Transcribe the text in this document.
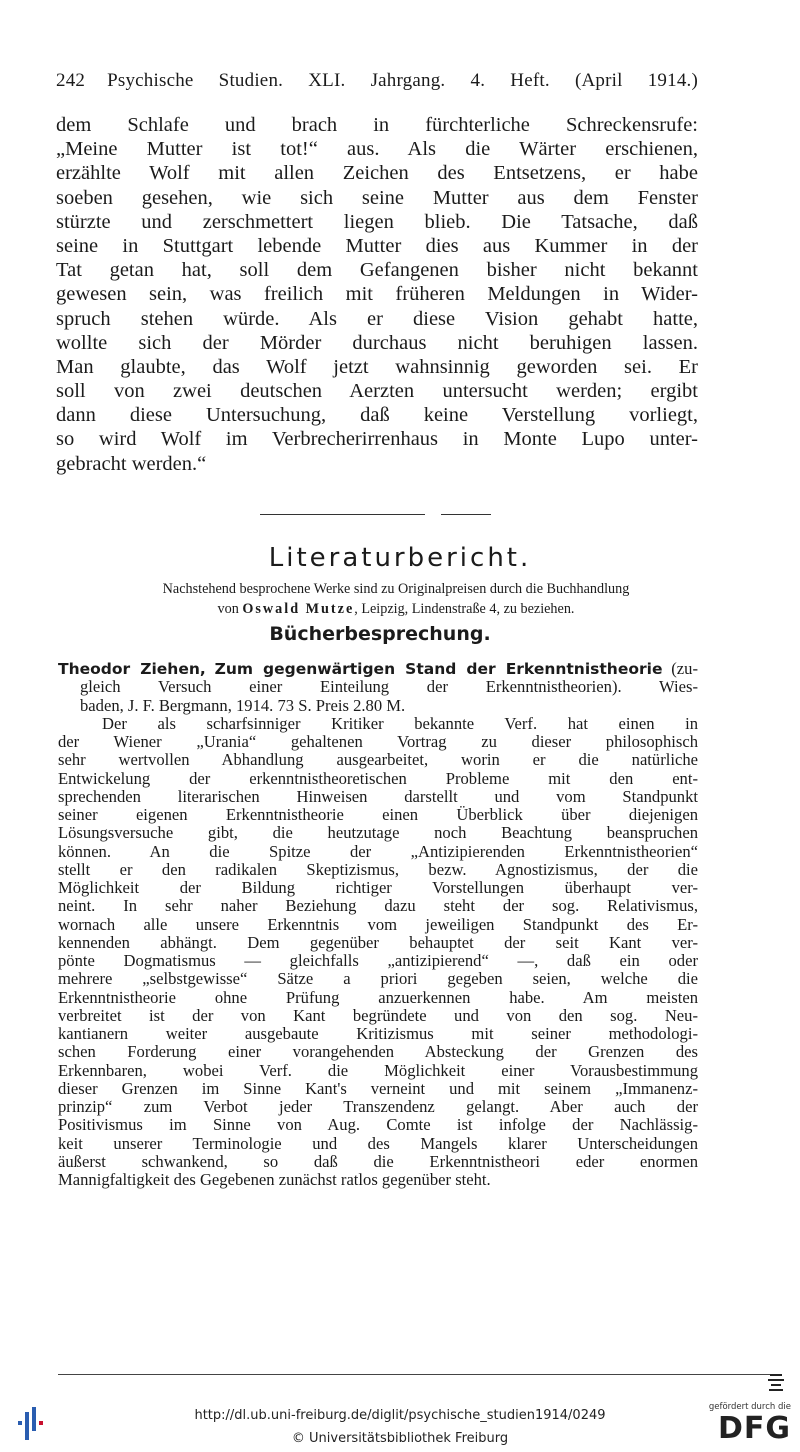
242 Psychische Studien. XLI. Jahrgang. 4. Heft. (April 1914.)
dem Schlafe und brach in fürchterliche Schreckensrufe:
„Meine Mutter ist tot!“ aus. Als die Wärter erschienen,
erzählte Wolf mit allen Zeichen des Entsetzens, er habe
soeben gesehen, wie sich seine Mutter aus dem Fenster
stürzte und zerschmettert liegen blieb. Die Tatsache, daß
seine in Stuttgart lebende Mutter dies aus Kummer in der
Tat getan hat, soll dem Gefangenen bisher nicht bekannt
gewesen sein, was freilich mit früheren Meldungen in Wider-
spruch stehen würde. Als er diese Vision gehabt hatte,
wollte sich der Mörder durchaus nicht beruhigen lassen.
Man glaubte, das Wolf jetzt wahnsinnig geworden sei. Er
soll von zwei deutschen Aerzten untersucht werden; ergibt
dann diese Untersuchung, daß keine Verstellung vorliegt,
so wird Wolf im Verbrecherirrenhaus in Monte Lupo unter-
gebracht werden.“
Literaturbericht.
Nachstehend besprochene Werke sind zu Originalpreisen durch die Buchhandlung
von Oswald Mutze, Leipzig, Lindenstraße 4, zu beziehen.
Bücherbesprechung.
Theodor Ziehen, Zum gegenwärtigen Stand der Erkenntnistheorie (zu-
gleich Versuch einer Einteilung der Erkenntnistheorien). Wies-
baden, J. F. Bergmann, 1914. 73 S. Preis 2.80 M.
Der als scharfsinniger Kritiker bekannte Verf. hat einen in
der Wiener „Urania“ gehaltenen Vortrag zu dieser philosophisch
sehr wertvollen Abhandlung ausgearbeitet, worin er die natürliche
Entwickelung der erkenntnistheoretischen Probleme mit den ent-
sprechenden literarischen Hinweisen darstellt und vom Standpunkt
seiner eigenen Erkenntnistheorie einen Überblick über diejenigen
Lösungsversuche gibt, die heutzutage noch Beachtung beanspruchen
können. An die Spitze der „Antizipierenden Erkenntnistheorien“
stellt er den radikalen Skeptizismus, bezw. Agnostizismus, der die
Möglichkeit der Bildung richtiger Vorstellungen überhaupt ver-
neint. In sehr naher Beziehung dazu steht der sog. Relativismus,
wornach alle unsere Erkenntnis vom jeweiligen Standpunkt des Er-
kennenden abhängt. Dem gegenüber behauptet der seit Kant ver-
pönte Dogmatismus — gleichfalls „antizipierend“ —, daß ein oder
mehrere „selbstgewisse“ Sätze a priori gegeben seien, welche die
Erkenntnistheorie ohne Prüfung anzuerkennen habe. Am meisten
verbreitet ist der von Kant begründete und von den sog. Neu-
kantianern weiter ausgebaute Kritizismus mit seiner methodologi-
schen Forderung einer vorangehenden Absteckung der Grenzen des
Erkennbaren, wobei Verf. die Möglichkeit einer Vorausbestimmung
dieser Grenzen im Sinne Kant's verneint und mit seinem „Immanenz-
prinzip“ zum Verbot jeder Transzendenz gelangt. Aber auch der
Positivismus im Sinne von Aug. Comte ist infolge der Nachlässig-
keit unserer Terminologie und des Mangels klarer Unterscheidungen
äußerst schwankend, so daß die Erkenntnistheori eder enormen
Mannigfaltigkeit des Gegebenen zunächst ratlos gegenüber steht.
http://dl.ub.uni-freiburg.de/diglit/psychische_studien1914/0249
© Universitätsbibliothek Freiburg
gefördert durch die
DFG
